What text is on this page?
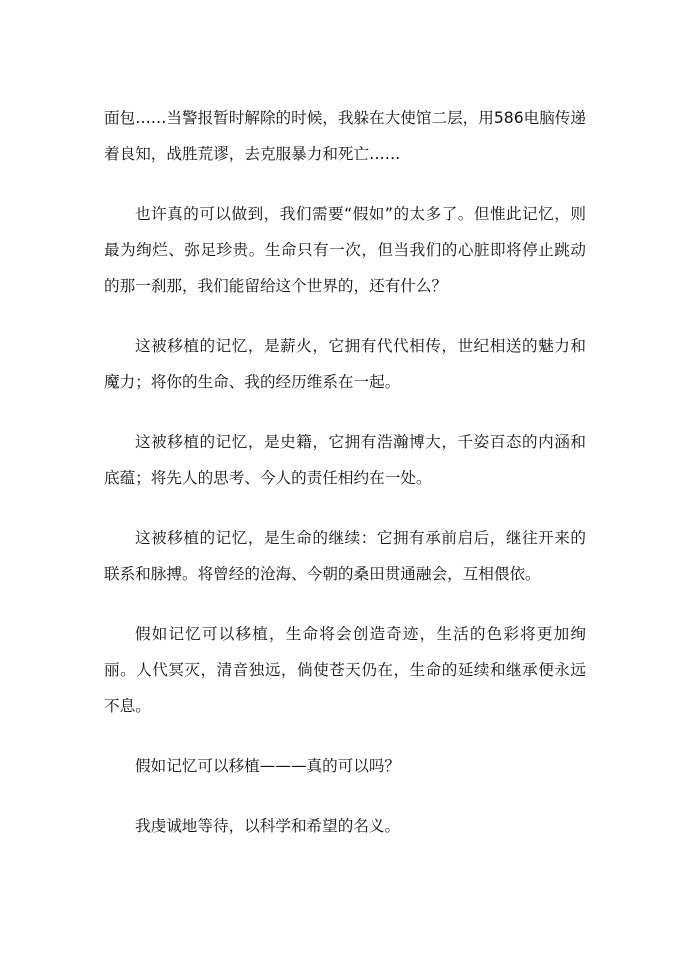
面包……当警报暂时解除的时候，我躲在大使馆二层，用586电脑传递着良知，战胜荒谬，去克服暴力和死亡……

也许真的可以做到，我们需要“假如”的太多了。但惟此记忆，则最为绚烂、弥足珍贵。生命只有一次，但当我们的心脏即将停止跳动的那一刹那，我们能留给这个世界的，还有什么？

这被移植的记忆，是薪火，它拥有代代相传，世纪相送的魅力和魔力；将你的生命、我的经历维系在一起。

这被移植的记忆，是史籍，它拥有浩瀚博大，千姿百态的内涵和底蕴；将先人的思考、今人的责任相约在一处。

这被移植的记忆，是生命的继续：它拥有承前启后，继往开来的联系和脉搏。将曾经的沧海、今朝的桑田贯通融会，互相偎依。

假如记忆可以移植，生命将会创造奇迹，生活的色彩将更加绚丽。人代冥灭，清音独远，倘使苍天仍在，生命的延续和继承便永远不息。

假如记忆可以移植———真的可以吗？

我虔诚地等待，以科学和希望的名义。
